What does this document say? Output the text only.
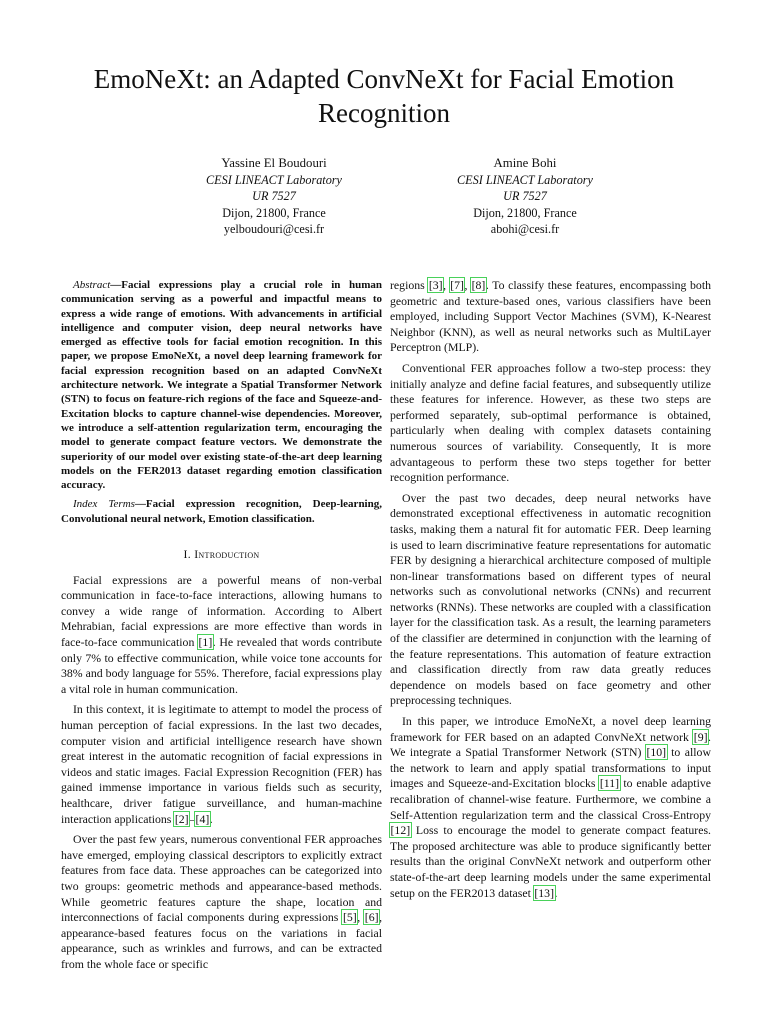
EmoNeXt: an Adapted ConvNeXt for Facial Emotion Recognition
Yassine El Boudouri
CESI LINEACT Laboratory
UR 7527
Dijon, 21800, France
yelboudouri@cesi.fr
Amine Bohi
CESI LINEACT Laboratory
UR 7527
Dijon, 21800, France
abohi@cesi.fr

Abstract—Facial expressions play a crucial role in human communication serving as a powerful and impactful means to express a wide range of emotions. With advancements in artificial intelligence and computer vision, deep neural networks have emerged as effective tools for facial emotion recognition. In this paper, we propose EmoNeXt, a novel deep learning framework for facial expression recognition based on an adapted ConvNeXt architecture network. We integrate a Spatial Transformer Network (STN) to focus on feature-rich regions of the face and Squeeze-and-Excitation blocks to capture channel-wise dependencies. Moreover, we introduce a self-attention regularization term, encouraging the model to generate compact feature vectors. We demonstrate the superiority of our model over existing state-of-the-art deep learning models on the FER2013 dataset regarding emotion classification accuracy.

Index Terms—Facial expression recognition, Deep-learning, Convolutional neural network, Emotion classification.

I. Introduction

Facial expressions are a powerful means of non-verbal communication in face-to-face interactions, allowing humans to convey a wide range of information. According to Albert Mehrabian, facial expressions are more effective than words in face-to-face communication [1]. He revealed that words contribute only 7% to effective communication, while voice tone accounts for 38% and body language for 55%. Therefore, facial expressions play a vital role in human communication.

In this context, it is legitimate to attempt to model the process of human perception of facial expressions. In the last two decades, computer vision and artificial intelligence research have shown great interest in the automatic recognition of facial expressions in videos and static images. Facial Expression Recognition (FER) has gained immense importance in various fields such as security, healthcare, driver fatigue surveillance, and human-machine interaction applications [2]–[4].

Over the past few years, numerous conventional FER approaches have emerged, employing classical descriptors to explicitly extract features from face data. These approaches can be categorized into two groups: geometric methods and appearance-based methods. While geometric features capture the shape, location and interconnections of facial components during expressions [5], [6], appearance-based features focus on the variations in facial appearance, such as wrinkles and furrows, and can be extracted from the whole face or specific

regions [3], [7], [8]. To classify these features, encompassing both geometric and texture-based ones, various classifiers have been employed, including Support Vector Machines (SVM), K-Nearest Neighbor (KNN), as well as neural networks such as MultiLayer Perceptron (MLP).

Conventional FER approaches follow a two-step process: they initially analyze and define facial features, and subsequently utilize these features for inference. However, as these two steps are performed separately, sub-optimal performance is obtained, particularly when dealing with complex datasets containing numerous sources of variability. Consequently, It is more advantageous to perform these two steps together for better recognition performance.

Over the past two decades, deep neural networks have demonstrated exceptional effectiveness in automatic recognition tasks, making them a natural fit for automatic FER. Deep learning is used to learn discriminative feature representations for automatic FER by designing a hierarchical architecture composed of multiple non-linear transformations based on different types of neural networks such as convolutional networks (CNNs) and recurrent networks (RNNs). These networks are coupled with a classification layer for the classification task. As a result, the learning parameters of the classifier are determined in conjunction with the learning of the feature representations. This automation of feature extraction and classification directly from raw data greatly reduces dependence on models based on face geometry and other preprocessing techniques.

In this paper, we introduce EmoNeXt, a novel deep learning framework for FER based on an adapted ConvNeXt network [9]. We integrate a Spatial Transformer Network (STN) [10] to allow the network to learn and apply spatial transformations to input images and Squeeze-and-Excitation blocks [11] to enable adaptive recalibration of channel-wise feature. Furthermore, we combine a Self-Attention regularization term and the classical Cross-Entropy [12] Loss to encourage the model to generate compact features. The proposed architecture was able to produce significantly better results than the original ConvNeXt network and outperform other state-of-the-art deep learning models under the same experimental setup on the FER2013 dataset [13].
